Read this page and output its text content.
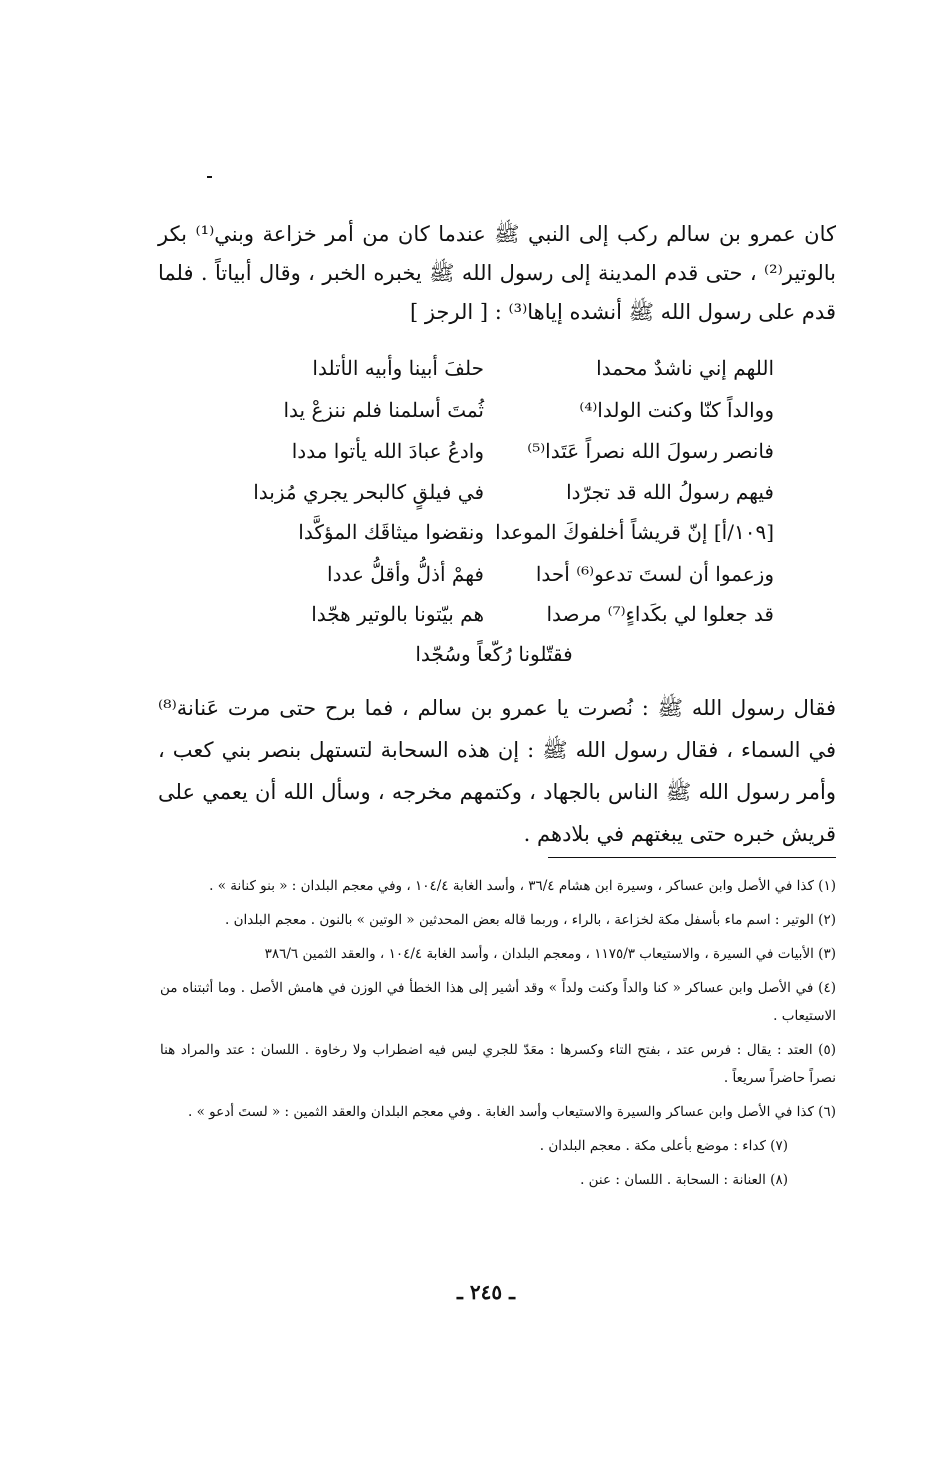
كان عمرو بن سالم ركب إلى النبي ﷺ عندما كان من أمر خزاعة وبني⁽¹⁾ بكر بالوتير⁽²⁾ ، حتى قدم المدينة إلى رسول الله ﷺ يخبره الخبر ، وقال أبياتاً . فلما قدم على رسول الله ﷺ أنشده إياها⁽³⁾ : [ الرجز ]

اللهم إني ناشدٌ محمدا
حلفَ أبينا وأبيه الأتلدا
ووالداً كنّا وكنت الولدا⁽⁴⁾
ثُمتَ أسلمنا فلم ننزعْ يدا
فانصر رسولَ الله نصراً عَتَدا⁽⁵⁾
وادعُ عبادَ الله يأتوا مددا
فيهم رسولُ الله قد تجرّدا
في فيلقٍ كالبحر يجري مُزبدا
[١٠٩/أ] إنّ قريشاً أخلفوكَ الموعدا
ونقضوا ميثاقَك المؤكَّدا
وزعموا أن لستَ تدعو⁽⁶⁾ أحدا
فهمْ أذلُّ وأقلُّ عددا
قد جعلوا لي بكَداءٍ⁽⁷⁾ مرصدا
هم بيّتونا بالوتير هجّدا
فقتّلونا رُكّعاً وسُجّدا

فقال رسول الله ﷺ : نُصرت يا عمرو بن سالم ، فما برح حتى مرت عَنانة⁽⁸⁾ في السماء ، فقال رسول الله ﷺ : إن هذه السحابة لتستهل بنصر بني كعب ، وأمر رسول الله ﷺ الناس بالجهاد ، وكتمهم مخرجه ، وسأل الله أن يعمي على قريش خبره حتى يبغتهم في بلادهم .

(١) كذا في الأصل وابن عساكر ، وسيرة ابن هشام ٣٦/٤ ، وأسد الغابة ١٠٤/٤ ، وفي معجم البلدان : « بنو كنانة » .

(٢) الوتير : اسم ماء بأسفل مكة لخزاعة ، بالراء ، وربما قاله بعض المحدثين « الوتين » بالنون . معجم البلدان .

(٣) الأبيات في السيرة ، والاستيعاب ١١٧٥/٣ ، ومعجم البلدان ، وأسد الغابة ١٠٤/٤ ، والعقد الثمين ٣٨٦/٦

(٤) في الأصل وابن عساكر « كنا والداً وكنت ولداً » وقد أشير إلى هذا الخطأ في الوزن في هامش الأصل . وما أثبتناه من الاستيعاب .

(٥) العتد : يقال : فرس عتد ، بفتح التاء وكسرها : معَدّ للجري ليس فيه اضطراب ولا رخاوة . اللسان : عتد والمراد هنا نصراً حاضراً سريعاً .

(٦) كذا في الأصل وابن عساكر والسيرة والاستيعاب وأسد الغابة . وفي معجم البلدان والعقد الثمين : « لستَ أدعو » .

(٧) كداء : موضع بأعلى مكة . معجم البلدان .

(٨) العنانة : السحابة . اللسان : عنن .

ـ ٢٤٥ ـ
